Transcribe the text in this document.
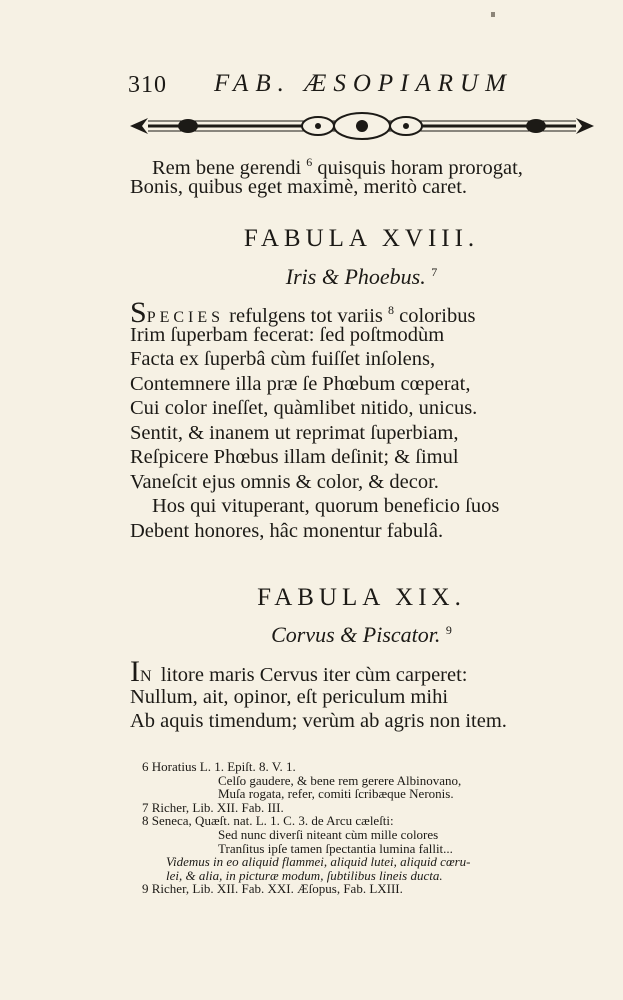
310 FAB. ÆSOPIARUM
Rem bene gerendi $^6$ quisquis horam prorogat,
Bonis, quibus eget maximè, meritò caret.
FABULA XVIII.
Iris & Phoebus. $^7$
SPECIES refulgens tot variis $^8$ coloribus
Irim ſuperbam fecerat: ſed poſtmodùm
Facta ex ſuperbâ cùm fuiſſet inſolens,
Contemnere illa præ ſe Phœbum cœperat,
Cui color ineſſet, quàmlibet nitido, unicus.
Sentit, & inanem ut reprimat ſuperbiam,
Reſpicere Phœbus illam deſinit; & ſimul
Vaneſcit ejus omnis & color, & decor.
Hos qui vituperant, quorum beneficio ſuos
Debent honores, hâc monentur fabulâ.
FABULA XIX.
Corvus & Piscator. $^9$
IN litore maris Cervus iter cùm carperet:
Nullum, ait, opinor, eſt periculum mihi
Ab aquis timendum; verùm ab agris non item.
6 Horatius L. 1. Epiſt. 8. V. 1.
Celſo gaudere, & bene rem gerere Albinovano,
Muſa rogata, refer, comiti ſcribæque Neronis.
7 Richer, Lib. XII. Fab. III.
8 Seneca, Quæſt. nat. L. 1. C. 3. de Arcu cæleſti:
Sed nunc diverſi niteant cùm mille colores
Tranſitus ipſe tamen ſpectantia lumina fallit...
Videmus in eo aliquid flammei, aliquid lutei, aliquid cœru-
lei, & alia, in picturæ modum, ſubtilibus lineis ducta.
9 Richer, Lib. XII. Fab. XXI. Æſopus, Fab. LXIII.
